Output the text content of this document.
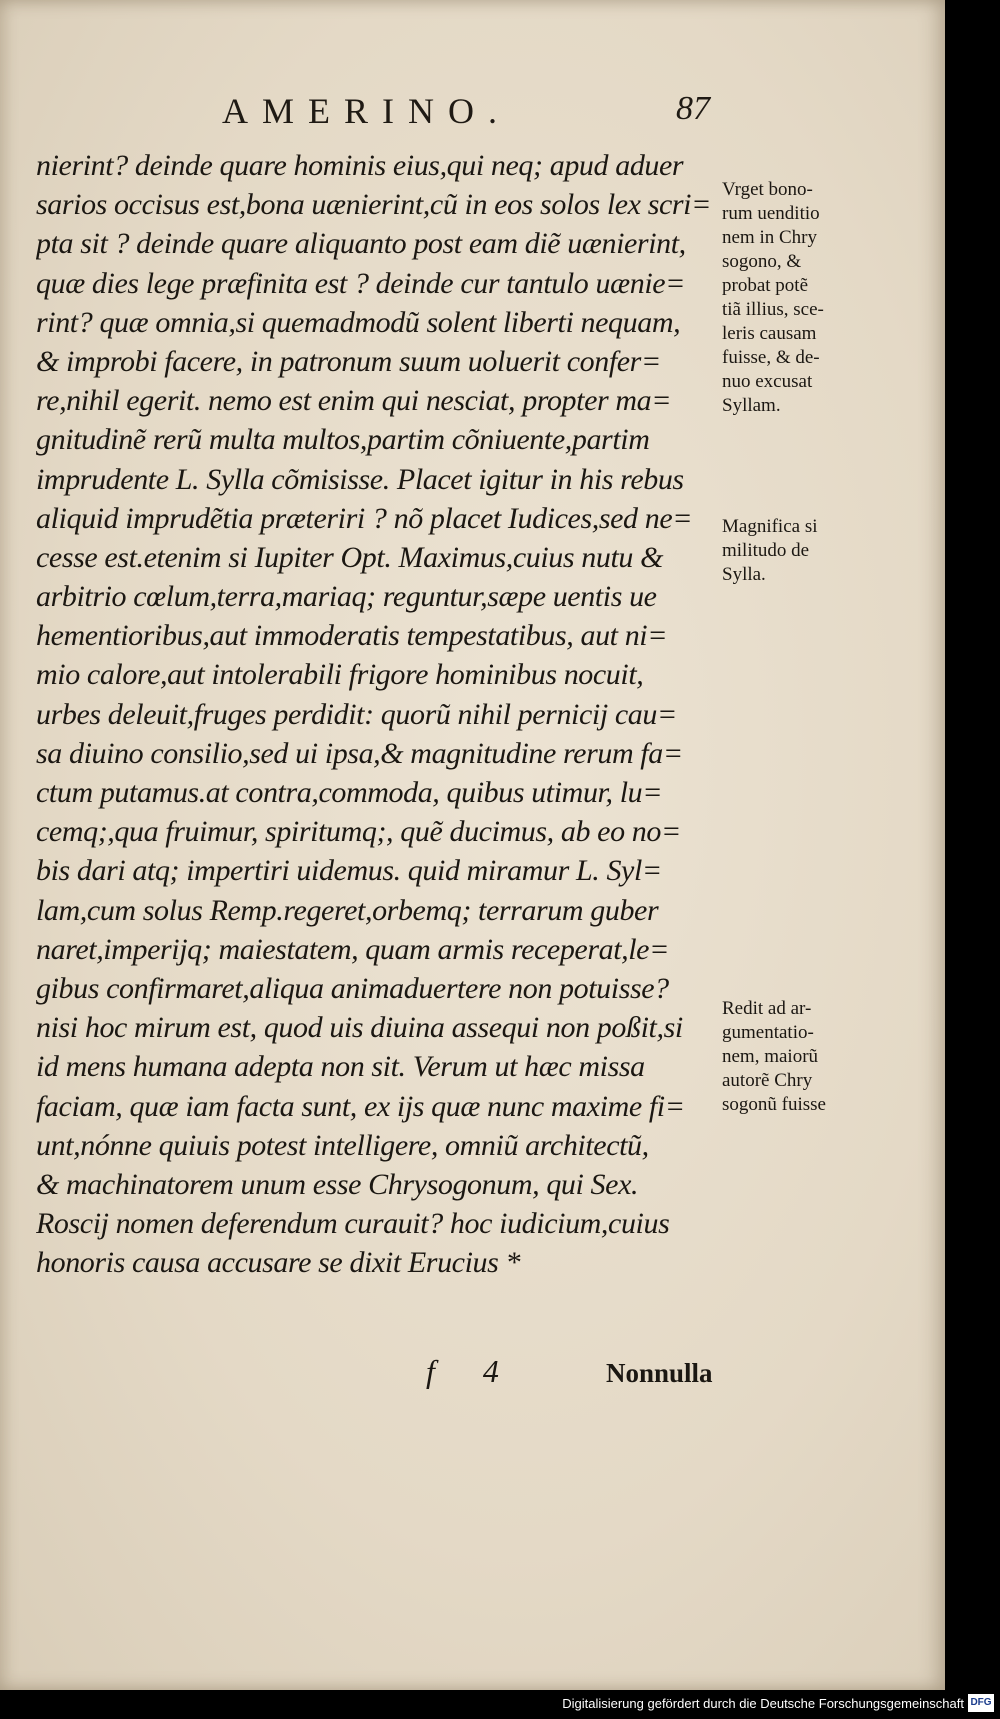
AMERINO.	87
nierint? deinde quare hominis eius,qui neq; apud aduer
sarios occisus est,bona uænierint,cũ in eos solos lex scri=
pta sit ? deinde quare aliquanto post eam diẽ uænierint,
quæ dies lege præfinita est ? deinde cur tantulo uænie=
rint? quæ omnia,si quemadmodũ solent liberti nequam,
& improbi facere, in patronum suum uoluerit confer=
re,nihil egerit. nemo est enim qui nesciat, propter ma=
gnitudinẽ rerũ multa multos,partim cõniuente,partim
imprudente L. Sylla cõmisisse. Placet igitur in his rebus
aliquid imprudẽtia præteriri ? nõ placet Iudices,sed ne=
cesse est.etenim si Iupiter Opt. Maximus,cuius nutu &
arbitrio cœlum,terra,mariaq; reguntur,sæpe uentis ue
hementioribus,aut immoderatis tempestatibus, aut ni=
mio calore,aut intolerabili frigore hominibus nocuit,
urbes deleuit,fruges perdidit: quorũ nihil pernicij cau=
sa diuino consilio,sed ui ipsa,& magnitudine rerum fa=
ctum putamus.at contra,commoda, quibus utimur, lu=
cemq;,qua fruimur, spiritumq;, quẽ ducimus, ab eo no=
bis dari atq; impertiri uidemus. quid miramur L. Syl=
lam,cum solus Remp.regeret,orbemq; terrarum guber
naret,imperijq; maiestatem, quam armis receperat,le=
gibus confirmaret,aliqua animaduertere non potuisse?
nisi hoc mirum est, quod uis diuina assequi non poßit,si
id mens humana adepta non sit. Verum ut hæc missa
faciam, quæ iam facta sunt, ex ijs quæ nunc maxime fi=
unt,nónne quiuis potest intelligere, omniũ architectũ,
& machinatorem unum esse Chrysogonum, qui Sex.
Roscij nomen deferendum curauit? hoc iudicium,cuius
honoris causa accusare se dixit Erucius *
Vrget bono-
rum uenditio
nem in Chry
sogono, &
probat potẽ
tiã illius, sce-
leris causam
fuisse, & de-
nuo excusat
Syllam.
Magnifica si
militudo de
Sylla.
Redit ad ar-
gumentatio-
nem, maiorũ
autorẽ Chry
sogonũ fuisse
f 4	Nonnulla
Digitalisierung gefördert durch die Deutsche Forschungsgemeinschaft DFG
